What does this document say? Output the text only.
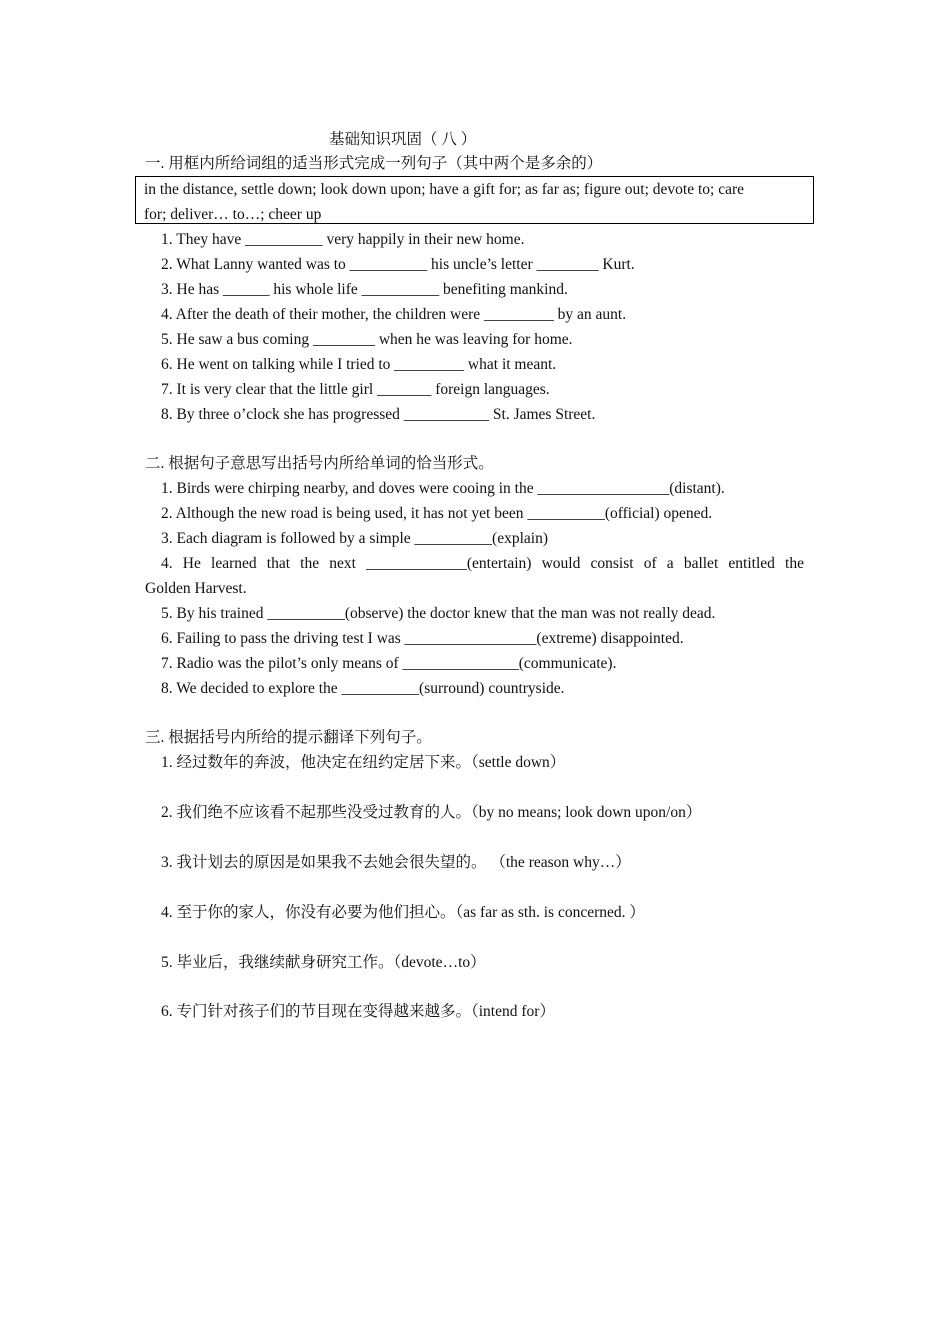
基础知识巩固（ 八 ）
一. 用框内所给词组的适当形式完成一列句子（其中两个是多余的）
in the distance, settle down; look down upon; have a gift for; as far as; figure out; devote to; care
for; deliver… to…; cheer up
1. They have __________ very happily in their new home.
2. What Lanny wanted was to __________ his uncle’s letter ________ Kurt.
3. He has ______ his whole life __________ benefiting mankind.
4. After the death of their mother, the children were _________ by an aunt.
5. He saw a bus coming ________ when he was leaving for home.
6. He went on talking while I tried to _________ what it meant.
7. It is very clear that the little girl _______ foreign languages.
8. By three o’clock she has progressed ___________ St. James Street.
二. 根据句子意思写出括号内所给单词的恰当形式。
1. Birds were chirping nearby, and doves were cooing in the _________________(distant).
2. Although the new road is being used, it has not yet been __________(official) opened.
3. Each diagram is followed by a simple __________(explain)
4. He learned that the next _____________(entertain) would consist of a ballet entitled the
Golden Harvest.
5. By his trained __________(observe) the doctor knew that the man was not really dead.
6. Failing to pass the driving test I was _________________(extreme) disappointed.
7. Radio was the pilot’s only means of _______________(communicate).
8. We decided to explore the __________(surround) countryside.
三. 根据括号内所给的提示翻译下列句子。
1. 经过数年的奔波，他决定在纽约定居下来。（settle down）
2. 我们绝不应该看不起那些没受过教育的人。（by no means; look down upon/on）
3. 我计划去的原因是如果我不去她会很失望的。 （the reason why…）
4. 至于你的家人，你没有必要为他们担心。（as far as sth. is concerned. ）
5. 毕业后，我继续献身研究工作。（devote…to）
6. 专门针对孩子们的节目现在变得越来越多。（intend for）
